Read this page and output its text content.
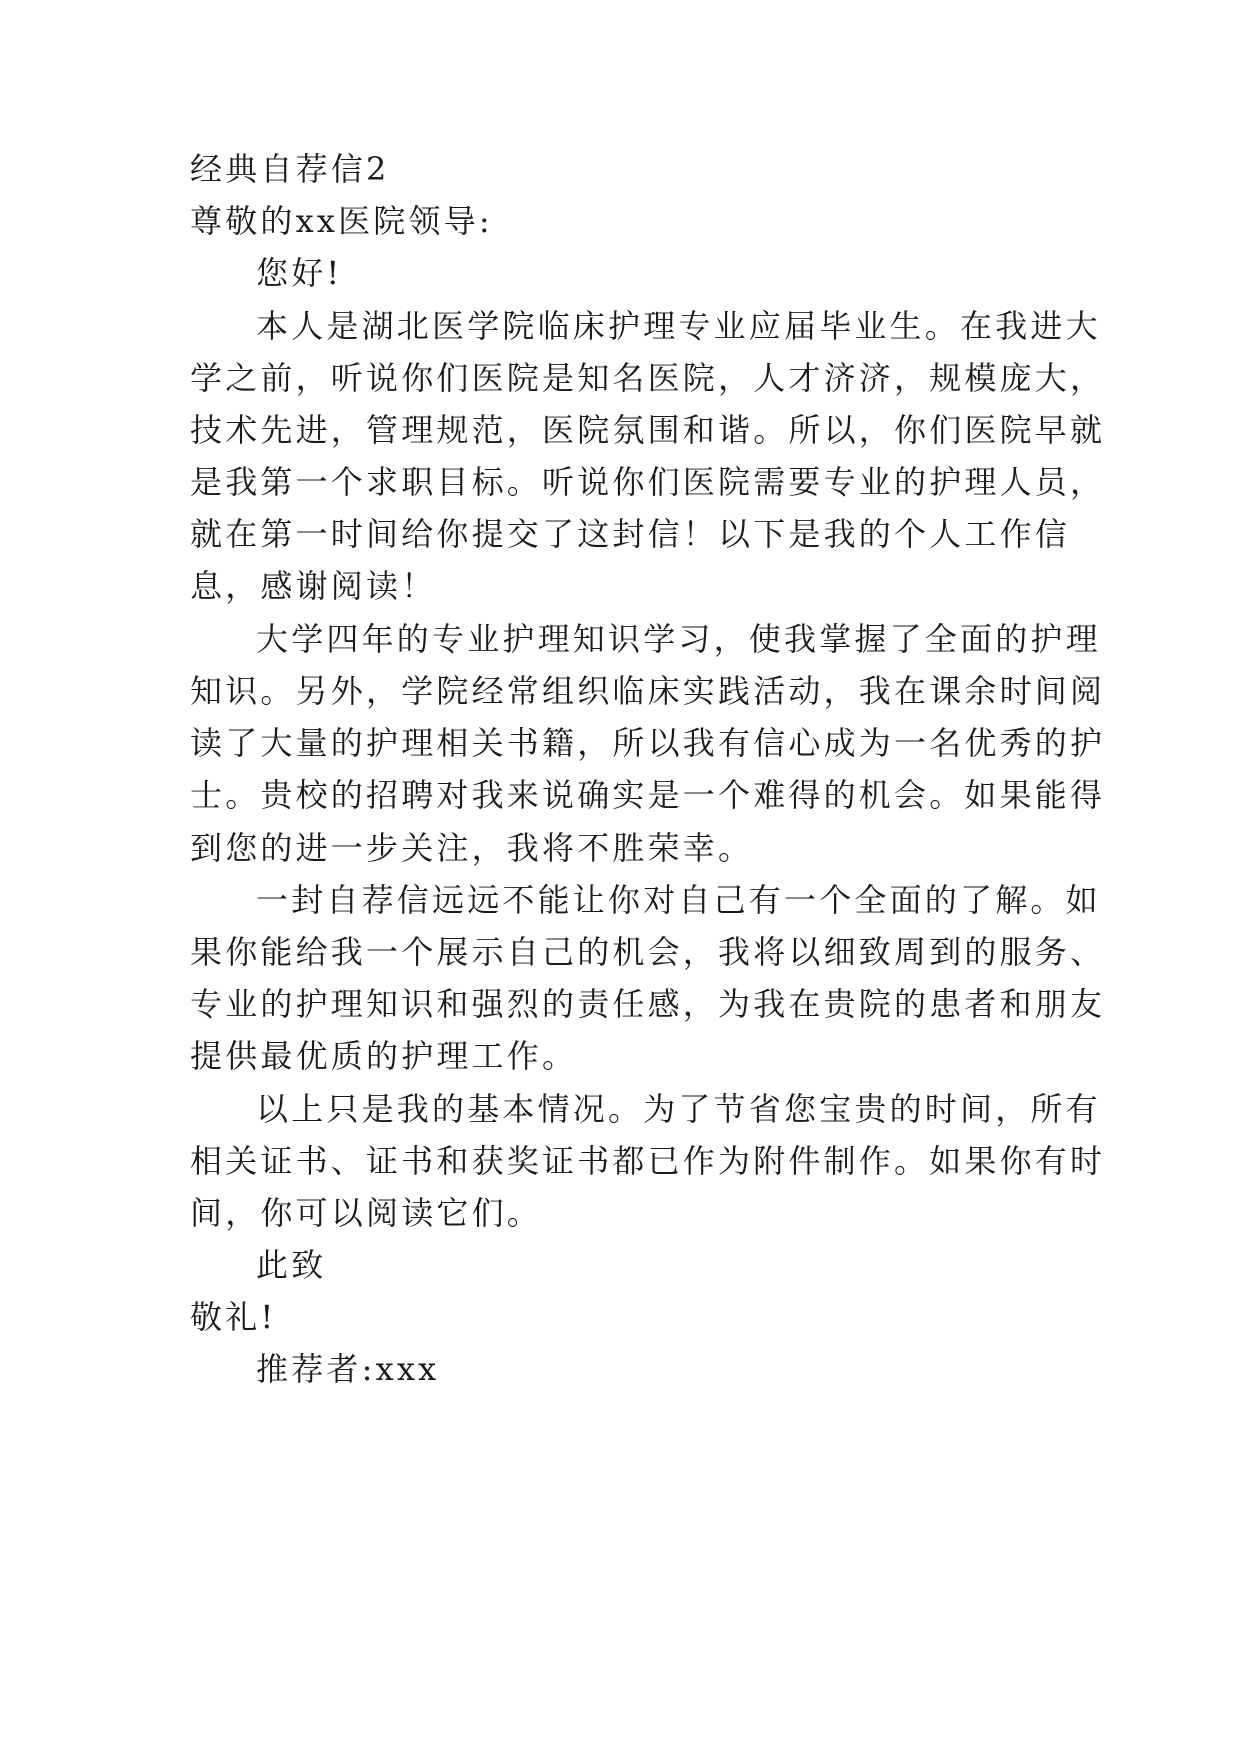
经典自荐信2

尊敬的xx医院领导:

您好!

本人是湖北医学院临床护理专业应届毕业生。在我进大

学之前，听说你们医院是知名医院，人才济济，规模庞大，

技术先进，管理规范，医院氛围和谐。所以，你们医院早就

是我第一个求职目标。听说你们医院需要专业的护理人员，

就在第一时间给你提交了这封信！以下是我的个人工作信

息，感谢阅读！

大学四年的专业护理知识学习，使我掌握了全面的护理

知识。另外，学院经常组织临床实践活动，我在课余时间阅

读了大量的护理相关书籍，所以我有信心成为一名优秀的护

士。贵校的招聘对我来说确实是一个难得的机会。如果能得

到您的进一步关注，我将不胜荣幸。

一封自荐信远远不能让你对自己有一个全面的了解。如

果你能给我一个展示自己的机会，我将以细致周到的服务、

专业的护理知识和强烈的责任感，为我在贵院的患者和朋友

提供最优质的护理工作。

以上只是我的基本情况。为了节省您宝贵的时间，所有

相关证书、证书和获奖证书都已作为附件制作。如果你有时

间，你可以阅读它们。

此致

敬礼!

推荐者:xxx
